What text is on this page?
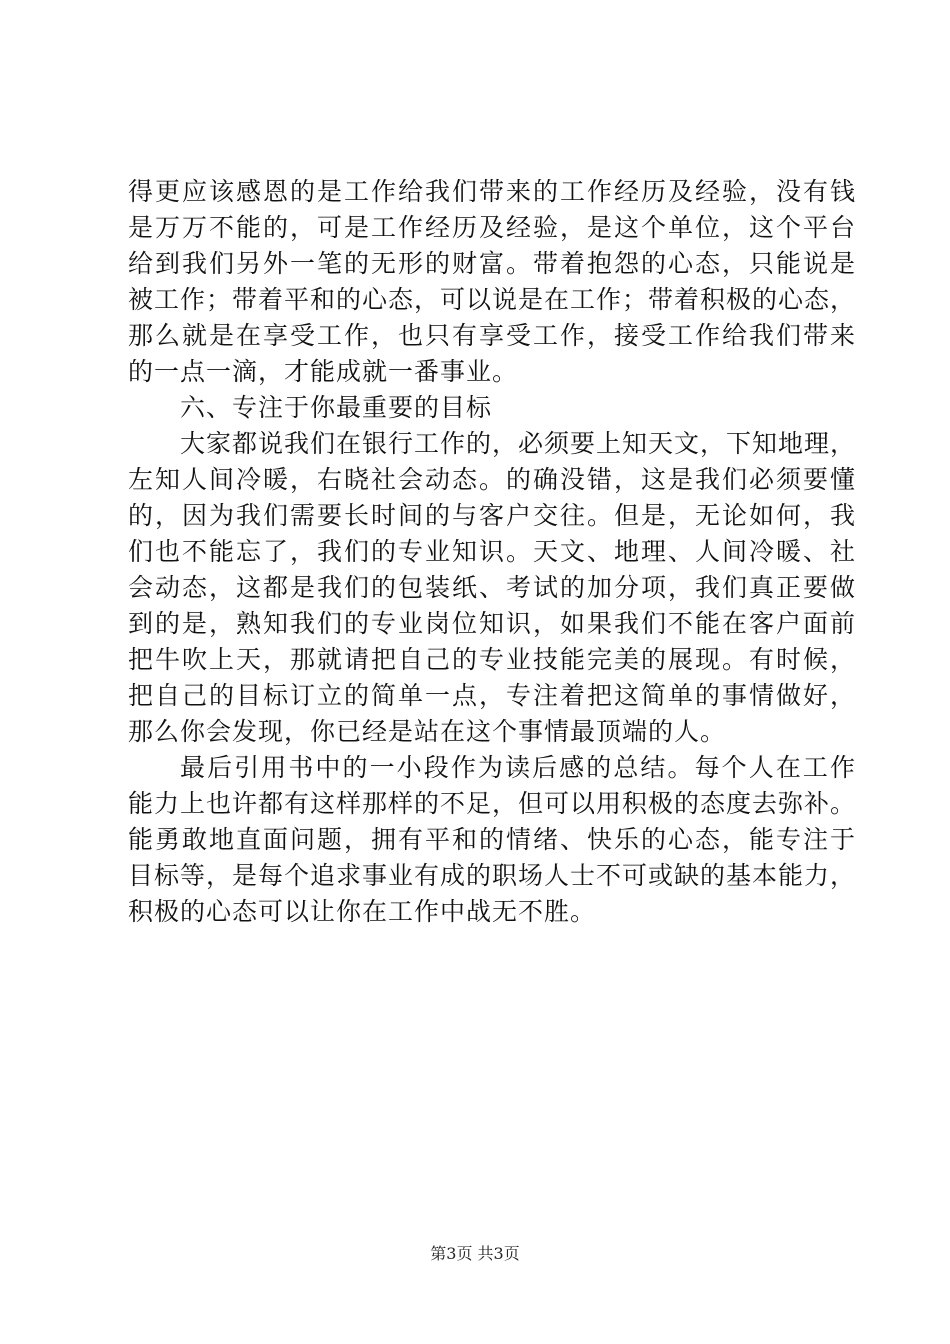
得更应该感恩的是工作给我们带来的工作经历及经验，没有钱
是万万不能的，可是工作经历及经验，是这个单位，这个平台
给到我们另外一笔的无形的财富。带着抱怨的心态，只能说是
被工作；带着平和的心态，可以说是在工作；带着积极的心态，
那么就是在享受工作，也只有享受工作，接受工作给我们带来
的一点一滴，才能成就一番事业。
六、专注于你最重要的目标
大家都说我们在银行工作的，必须要上知天文，下知地理，
左知人间冷暖，右晓社会动态。的确没错，这是我们必须要懂
的，因为我们需要长时间的与客户交往。但是，无论如何，我
们也不能忘了，我们的专业知识。天文、地理、人间冷暖、社
会动态，这都是我们的包装纸、考试的加分项，我们真正要做
到的是，熟知我们的专业岗位知识，如果我们不能在客户面前
把牛吹上天，那就请把自己的专业技能完美的展现。有时候，
把自己的目标订立的简单一点，专注着把这简单的事情做好，
那么你会发现，你已经是站在这个事情最顶端的人。
最后引用书中的一小段作为读后感的总结。每个人在工作
能力上也许都有这样那样的不足，但可以用积极的态度去弥补。
能勇敢地直面问题，拥有平和的情绪、快乐的心态，能专注于
目标等，是每个追求事业有成的职场人士不可或缺的基本能力，
积极的心态可以让你在工作中战无不胜。
第3页 共3页
